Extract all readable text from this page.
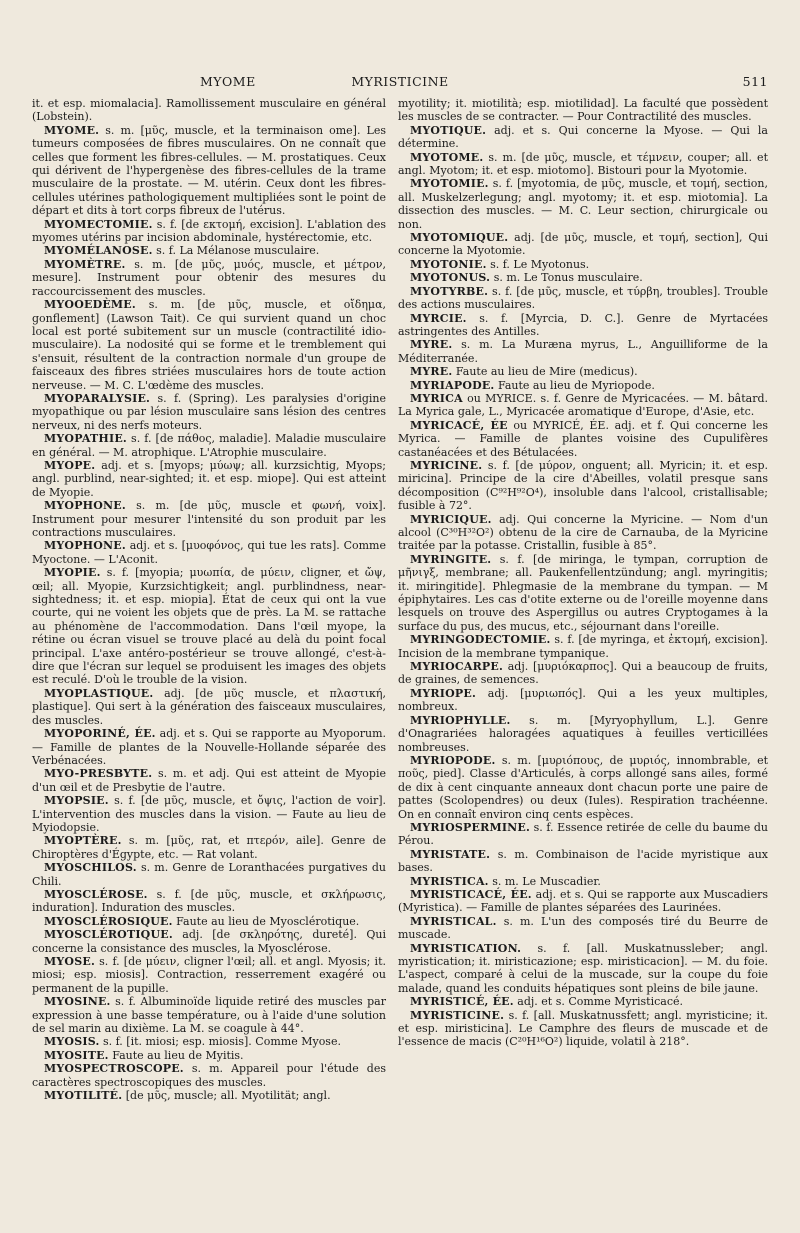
MYOME	MYRISTICINE	511

it. et esp. miomalacia]. Ramollissement musculaire en général (Lobstein).

MYOME. s. m. [μῦς, muscle, et la terminaison ome]. Les tumeurs composées de fibres musculaires. On ne connaît que celles que forment les fibres-cellules. — M. prostatiques. Ceux qui dérivent de l'hypergenèse des fibres-cellules de la trame musculaire de la prostate. — M. utérin. Ceux dont les fibres-cellules utérines pathologiquement multipliées sont le point de départ et dits à tort corps fibreux de l'utérus.

MYOMECTOMIE. s. f. [de εκτομή, excision]. L'ablation des myomes utérins par incision abdominale, hystérectomie, etc.

MYOMÉLANOSE. s. f. La Mélanose musculaire.

MYOMÈTRE. s. m. [de μῦς, μυός, muscle, et μέτρον, mesure]. Instrument pour obtenir des mesures du raccourcissement des muscles.

MYOOEDÈME. s. m. [de μῦς, muscle, et οἴδημα, gonflement] (Lawson Tait). Ce qui survient quand un choc local est porté subitement sur un muscle (contractilité idio-musculaire). La nodosité qui se forme et le tremblement qui s'ensuit, résultent de la contraction normale d'un groupe de faisceaux des fibres striées musculaires hors de toute action nerveuse. — M. C. L'œdème des muscles.

MYOPARALYSIE. s. f. (Spring). Les paralysies d'origine myopathique ou par lésion musculaire sans lésion des centres nerveux, ni des nerfs moteurs.

MYOPATHIE. s. f. [de πάθος, maladie]. Maladie musculaire en général. — M. atrophique. L'Atrophie musculaire.

MYOPE. adj. et s. [myops; μύωψ; all. kurzsichtig, Myops; angl. purblind, near-sighted; it. et esp. miope]. Qui est atteint de Myopie.

MYOPHONE. s. m. [de μῦς, muscle et φωνή, voix]. Instrument pour mesurer l'intensité du son produit par les contractions musculaires.

MYOPHONE. adj. et s. [μυοφόνος, qui tue les rats]. Comme Myoctone. — L'Aconit.

MYOPIE. s. f. [myopia; μυωπία, de μύειν, cligner, et ὤψ, œil; all. Myopie, Kurzsichtigkeit; angl. purblindness, near-sightedness; it. et esp. miopia]. État de ceux qui ont la vue courte, qui ne voient les objets que de près. La M. se rattache au phénomène de l'accommodation. Dans l'œil myope, la rétine ou écran visuel se trouve placé au delà du point focal principal. L'axe antéro-postérieur se trouve allongé, c'est-à-dire que l'écran sur lequel se produisent les images des objets est reculé. D'où le trouble de la vision.

MYOPLASTIQUE. adj. [de μῦς muscle, et πλαστική, plastique]. Qui sert à la génération des faisceaux musculaires, des muscles.

MYOPORINÉ, ÉE. adj. et s. Qui se rapporte au Myoporum. — Famille de plantes de la Nouvelle-Hollande séparée des Verbénacées.

MYO-PRESBYTE. s. m. et adj. Qui est atteint de Myopie d'un œil et de Presbytie de l'autre.

MYOPSIE. s. f. [de μῦς, muscle, et ὄψις, l'action de voir]. L'intervention des muscles dans la vision. — Faute au lieu de Myiodopsie.

MYOPTÈRE. s. m. [μῦς, rat, et πτερόν, aile]. Genre de Chiroptères d'Égypte, etc. — Rat volant.

MYOSCHILOS. s. m. Genre de Loranthacées purgatives du Chili.

MYOSCLÉROSE. s. f. [de μῦς, muscle, et σκλήρωσις, induration]. Induration des muscles.

MYOSCLÉROSIQUE. Faute au lieu de Myosclérotique.

MYOSCLÉROTIQUE. adj. [de σκληρότης, dureté]. Qui concerne la consistance des muscles, la Myosclérose.

MYOSE. s. f. [de μύειν, cligner l'œil; all. et angl. Myosis; it. miosi; esp. miosis]. Contraction, resserrement exagéré ou permanent de la pupille.

MYOSINE. s. f. Albuminoïde liquide retiré des muscles par expression à une basse température, ou à l'aide d'une solution de sel marin au dixième. La M. se coagule à 44°.

MYOSIS. s. f. [it. miosi; esp. miosis]. Comme Myose.

MYOSITE. Faute au lieu de Myitis.

MYOSPECTROSCOPE. s. m. Appareil pour l'étude des caractères spectroscopiques des muscles.

MYOTILITÉ. [de μῦς, muscle; all. Myotilität; angl.

myotility; it. miotilità; esp. miotilidad]. La faculté que possèdent les muscles de se contracter. — Pour Contractilité des muscles.

MYOTIQUE. adj. et s. Qui concerne la Myose. — Qui la détermine.

MYOTOME. s. m. [de μῦς, muscle, et τέμνειν, couper; all. et angl. Myotom; it. et esp. miotomo]. Bistouri pour la Myotomie.

MYOTOMIE. s. f. [myotomia, de μῦς, muscle, et τομή, section, all. Muskelzerlegung; angl. myotomy; it. et esp. miotomia]. La dissection des muscles. — M. C. Leur section, chirurgicale ou non.

MYOTOMIQUE. adj. [de μῦς, muscle, et τομή, section], Qui concerne la Myotomie.

MYOTONIE. s. f. Le Myotonus.

MYOTONUS. s. m. Le Tonus musculaire.

MYOTYRBE. s. f. [de μῦς, muscle, et τύρβη, troubles]. Trouble des actions musculaires.

MYRCIE. s. f. [Myrcia, D. C.]. Genre de Myrtacées astringentes des Antilles.

MYRE. s. m. La Muræna myrus, L., Anguilliforme de la Méditerranée.

MYRE. Faute au lieu de Mire (medicus).

MYRIAPODE. Faute au lieu de Myriopode.

MYRICA ou MYRICE. s. f. Genre de Myricacées. — M. bâtard. La Myrica gale, L., Myricacée aromatique d'Europe, d'Asie, etc.

MYRICACÉ, ÉE ou MYRICÉ, ÉE. adj. et f. Qui concerne les Myrica. — Famille de plantes voisine des Cupulifères castanéacées et des Bétulacées.

MYRICINE. s. f. [de μύρον, onguent; all. Myricin; it. et esp. miricina]. Principe de la cire d'Abeilles, volatil presque sans décomposition (C⁹²H⁹²O⁴), insoluble dans l'alcool, cristallisable; fusible à 72°.

MYRICIQUE. adj. Qui concerne la Myricine. — Nom d'un alcool (C³⁰H³²O²) obtenu de la cire de Carnauba, de la Myricine traitée par la potasse. Cristallin, fusible à 85°.

MYRINGITE. s. f. [de miringa, le tympan, corruption de μῆνιγξ, membrane; all. Paukenfellentzündung; angl. myringitis; it. miringitide]. Phlegmasie de la membrane du tympan. — M épiphytaires. Les cas d'otite externe ou de l'oreille moyenne dans lesquels on trouve des Aspergillus ou autres Cryptogames à la surface du pus, des mucus, etc., séjournant dans l'oreille.

MYRINGODECTOMIE. s. f. [de myringa, et ἐκτομή, excision]. Incision de la membrane tympanique.

MYRIOCARPE. adj. [μυριόκαρπος]. Qui a beaucoup de fruits, de graines, de semences.

MYRIOPE. adj. [μυριωπός]. Qui a les yeux multiples, nombreux.

MYRIOPHYLLE. s. m. [Myryophyllum, L.]. Genre d'Onagrariées haloragées aquatiques à feuilles verticillées nombreuses.

MYRIOPODE. s. m. [μυριόπους, de μυριός, innombrable, et ποῦς, pied]. Classe d'Articulés, à corps allongé sans ailes, formé de dix à cent cinquante anneaux dont chacun porte une paire de pattes (Scolopendres) ou deux (Iules). Respiration trachéenne. On en connaît environ cinq cents espèces.

MYRIOSPERMINE. s. f. Essence retirée de celle du baume du Pérou.

MYRISTATE. s. m. Combinaison de l'acide myristique aux bases.

MYRISTICA. s. m. Le Muscadier.

MYRISTICACÉ, ÉE. adj. et s. Qui se rapporte aux Muscadiers (Myristica). — Famille de plantes séparées des Laurinées.

MYRISTICAL. s. m. L'un des composés tiré du Beurre de muscade.

MYRISTICATION. s. f. [all. Muskatnussleber; angl. myristication; it. miristicazione; esp. miristicacion]. — M. du foie. L'aspect, comparé à celui de la muscade, sur la coupe du foie malade, quand les conduits hépatiques sont pleins de bile jaune.

MYRISTICÉ, ÉE. adj. et s. Comme Myristicacé.

MYRISTICINE. s. f. [all. Muskatnussfett; angl. myristicine; it. et esp. miristicina]. Le Camphre des fleurs de muscade et de l'essence de macis (C²⁰H¹⁶O²) liquide, volatil à 218°.
